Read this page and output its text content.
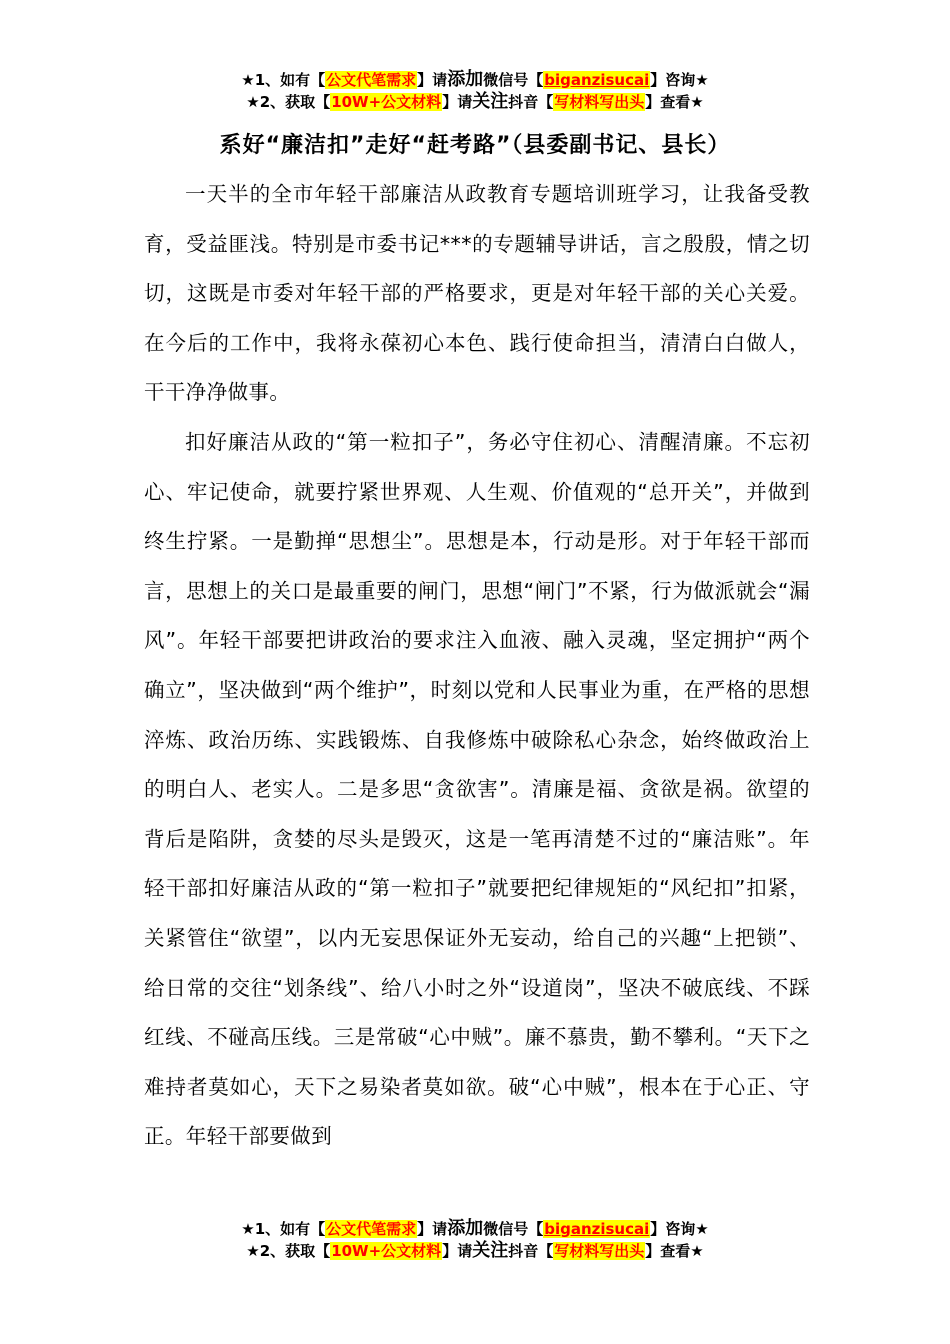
★1、如有【公文代笔需求】请添加微信号【biganzisucai】咨询★
★2、获取【10W+公文材料】请关注抖音【写材料写出头】查看★
系好“廉洁扣”走好“赶考路”（县委副书记、县长）

一天半的全市年轻干部廉洁从政教育专题培训班学习，让我备受教育，受益匪浅。特别是市委书记***的专题辅导讲话，言之殷殷，情之切切，这既是市委对年轻干部的严格要求，更是对年轻干部的关心关爱。在今后的工作中，我将永葆初心本色、践行使命担当，清清白白做人，干干净净做事。

扣好廉洁从政的“第一粒扣子”，务必守住初心、清醒清廉。不忘初心、牢记使命，就要拧紧世界观、人生观、价值观的“总开关”，并做到终生拧紧。一是勤掸“思想尘”。思想是本，行动是形。对于年轻干部而言，思想上的关口是最重要的闸门，思想“闸门”不紧，行为做派就会“漏风”。年轻干部要把讲政治的要求注入血液、融入灵魂，坚定拥护“两个确立”，坚决做到“两个维护”，时刻以党和人民事业为重，在严格的思想淬炼、政治历练、实践锻炼、自我修炼中破除私心杂念，始终做政治上的明白人、老实人。二是多思“贪欲害”。清廉是福、贪欲是祸。欲望的背后是陷阱，贪婪的尽头是毁灭，这是一笔再清楚不过的“廉洁账”。年轻干部扣好廉洁从政的“第一粒扣子”就要把纪律规矩的“风纪扣”扣紧，关紧管住“欲望”，以内无妄思保证外无妄动，给自己的兴趣“上把锁”、给日常的交往“划条线”、给八小时之外“设道岗”，坚决不破底线、不踩红线、不碰高压线。三是常破“心中贼”。廉不慕贵，勤不攀利。“天下之难持者莫如心，天下之易染者莫如欲。破“心中贼”，根本在于心正、守正。年轻干部要做到

★1、如有【公文代笔需求】请添加微信号【biganzisucai】咨询★
★2、获取【10W+公文材料】请关注抖音【写材料写出头】查看★
